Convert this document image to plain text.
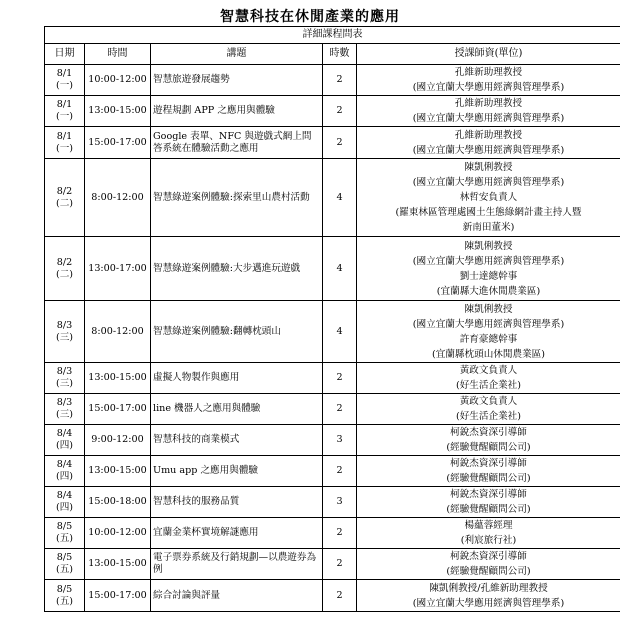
智慧科技在休閒產業的應用
詳細課程問表				
日期	時間	講題	時數	授課師資(單位)
8/1
(一)	10:00-12:00	智慧旅遊發展趨勢	2	孔維新助理教授
(國立宜蘭大學應用經濟與管理學系)

8/1
(一)	13:00-15:00	遊程規劃 APP 之應用與體驗	2	孔維新助理教授
(國立宜蘭大學應用經濟與管理學系)

8/1
(一)	15:00-17:00	Google 表單、NFC 與遊戲式網上問答系統在體驗活動之應用	2	孔維新助理教授
(國立宜蘭大學應用經濟與管理學系)

8/2
(二)	8:00-12:00	智慧綠遊案例體驗:探索里山農村活動	4	陳凱俐教授
(國立宜蘭大學應用經濟與管理學系)
林哲安負責人
(羅東林區管理處國土生態綠網計畫主持人暨
新南田董米)

8/2
(二)	13:00-17:00	智慧綠遊案例體驗:大步邁進玩遊戲	4	陳凱俐教授
(國立宜蘭大學應用經濟與管理學系)
劉士達總幹事
(宜蘭縣大進休閒農業區)

8/3
(三)	8:00-12:00	智慧綠遊案例體驗:翻轉枕頭山	4	陳凱俐教授
(國立宜蘭大學應用經濟與管理學系)
許育豪總幹事
(宜蘭縣枕頭山休閒農業區)

8/3
(三)	13:00-15:00	虛擬人物製作與應用	2	黃政文負責人
(好生活企業社)

8/3
(三)	15:00-17:00	line 機器人之應用與體驗	2	黃政文負責人
(好生活企業社)

8/4
(四)	9:00-12:00	智慧科技的商業模式	3	柯銳杰資深引導師
(經驗覺醒顧問公司)

8/4
(四)	13:00-15:00	Umu app 之應用與體驗	2	柯銳杰資深引導師
(經驗覺醒顧問公司)

8/4
(四)	15:00-18:00	智慧科技的服務品質	3	柯銳杰資深引導師
(經驗覺醒顧問公司)

8/5
(五)	10:00-12:00	宜蘭金業杯實境解謎應用	2	楊蘊蓉經理
(利宸旅行社)

8/5
(五)	13:00-15:00	電子票券系統及行銷規劃—以農遊券為例	2	柯銳杰資深引導師
(經驗覺醒顧問公司)

8/5
(五)	15:00-17:00	綜合討論與評量	2	陳凱俐教授/孔維新助理教授
(國立宜蘭大學應用經濟與管理學系)
